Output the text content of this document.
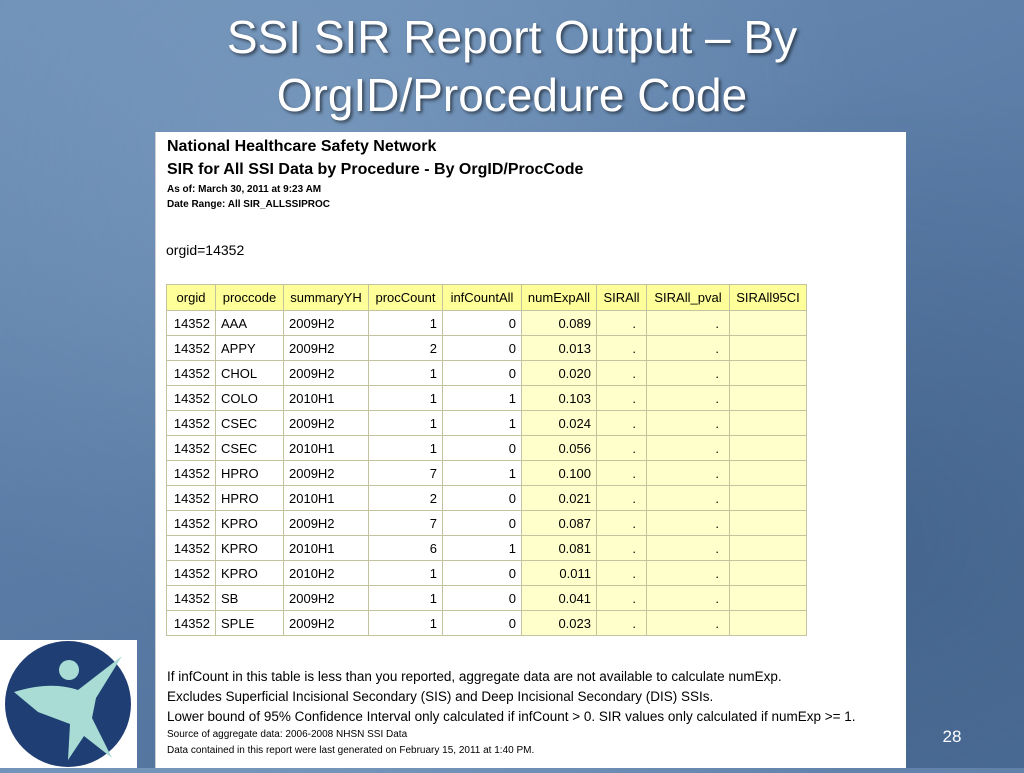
SSI SIR Report Output – By
OrgID/Procedure Code
National Healthcare Safety Network
SIR for All SSI Data by Procedure - By OrgID/ProcCode
As of: March 30, 2011 at 9:23 AM
Date Range: All SIR_ALLSSIPROC
orgid=14352
orgid	proccode	summaryYH	procCount	infCountAll	numExpAll	SIRAll	SIRAll_pval	SIRAll95CI
14352	AAA	2009H2	1	0	0.089	.	.	
14352	APPY	2009H2	2	0	0.013	.	.	
14352	CHOL	2009H2	1	0	0.020	.	.	
14352	COLO	2010H1	1	1	0.103	.	.	
14352	CSEC	2009H2	1	1	0.024	.	.	
14352	CSEC	2010H1	1	0	0.056	.	.	
14352	HPRO	2009H2	7	1	0.100	.	.	
14352	HPRO	2010H1	2	0	0.021	.	.	
14352	KPRO	2009H2	7	0	0.087	.	.	
14352	KPRO	2010H1	6	1	0.081	.	.	
14352	KPRO	2010H2	1	0	0.011	.	.	
14352	SB	2009H2	1	0	0.041	.	.	
14352	SPLE	2009H2	1	0	0.023	.	.	
If infCount in this table is less than you reported, aggregate data are not available to calculate numExp.
Excludes Superficial Incisional Secondary (SIS) and Deep Incisional Secondary (DIS) SSIs.
Lower bound of 95% Confidence Interval only calculated if infCount > 0. SIR values only calculated if numExp >= 1.
Source of aggregate data: 2006-2008 NHSN SSI Data
Data contained in this report were last generated on February 15, 2011 at 1:40 PM.
28
